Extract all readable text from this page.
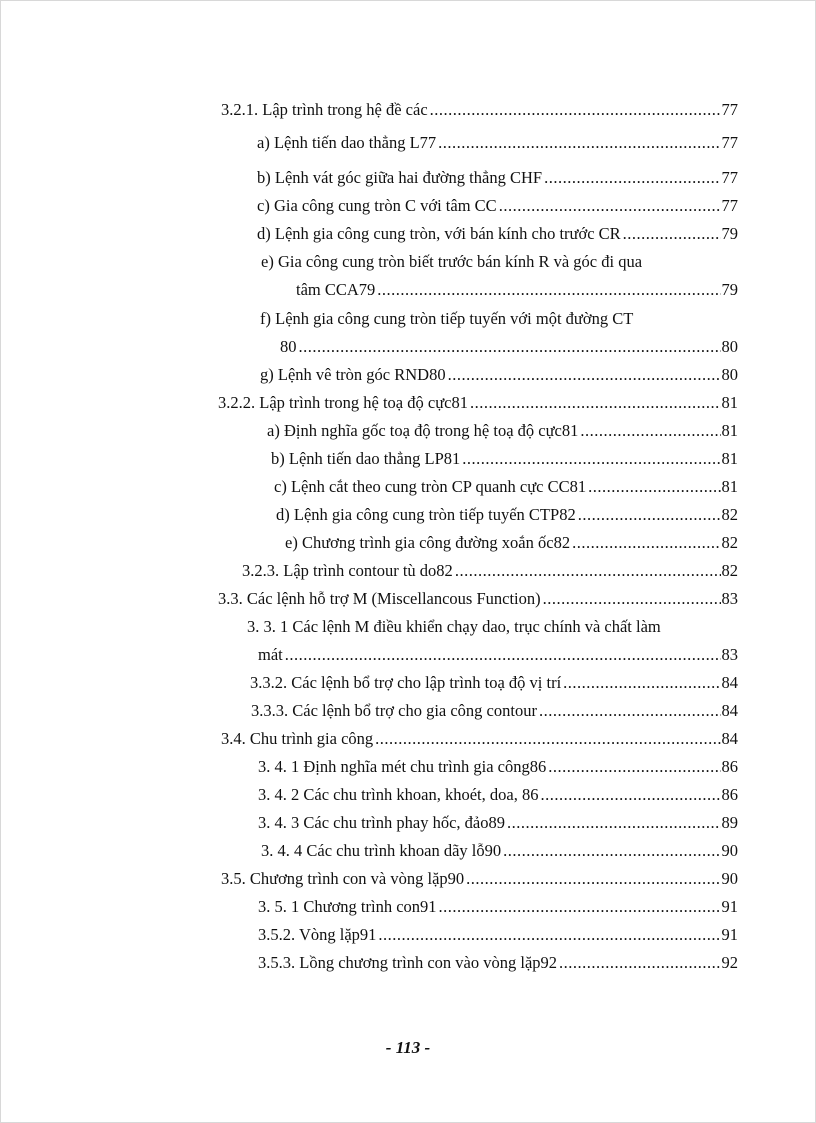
3.2.1. Lập trình trong hệ đề các .....	77
a) Lệnh tiến dao thẳng L77 .....	77
b) Lệnh vát góc giữa hai đường thẳng CHF .....	77
c) Gia công cung tròn C với tâm CC .....	77
d) Lệnh gia công cung tròn, với bán kính cho trước CR .....	79
e) Gia công cung tròn biết trước bán kính R và góc đi qua
tâm CCA79 .....	79
f) Lệnh gia công cung tròn tiếp tuyến với một đường CT
80 .....	80
g) Lệnh vê tròn góc RND80 .....	80
3.2.2. Lập trình trong hệ toạ độ cực81 .....	81
a) Định nghĩa gốc toạ độ trong hệ toạ độ cực81 .....	81
b) Lệnh tiến dao thẳng LP81 .....	81
c) Lệnh cắt theo cung tròn CP quanh cực CC81 .....	81
d) Lệnh gia công cung tròn tiếp tuyến CTP82 .....	82
e) Chương trình gia công đường xoắn ốc82 .....	82
3.2.3. Lập trình contour tù do82 .....	82
3.3. Các lệnh hỗ trợ M (Miscellancous Function) .....	83
3. 3. 1 Các lệnh M điều khiển chạy dao, trục chính và chất làm
mát .....	83
3.3.2. Các lệnh bổ trợ cho lập trình toạ độ vị trí .....	84
3.3.3. Các lệnh bổ trợ cho gia công contour .....	84
3.4. Chu trình gia công .....	84
3. 4. 1 Định nghĩa mét chu trình gia công86 .....	86
3. 4. 2 Các chu trình khoan, khoét, doa, 86 .....	86
3. 4. 3 Các chu trình phay hốc, đảo89 .....	89
3. 4. 4 Các chu trình khoan dãy lỗ90 .....	90
3.5. Chương trình con và vòng lặp90 .....	90
3. 5. 1 Chương trình con91 .....	91
3.5.2. Vòng lặp91 .....	91
3.5.3. Lồng chương trình con vào vòng lặp92 .....	92
- 113 -
